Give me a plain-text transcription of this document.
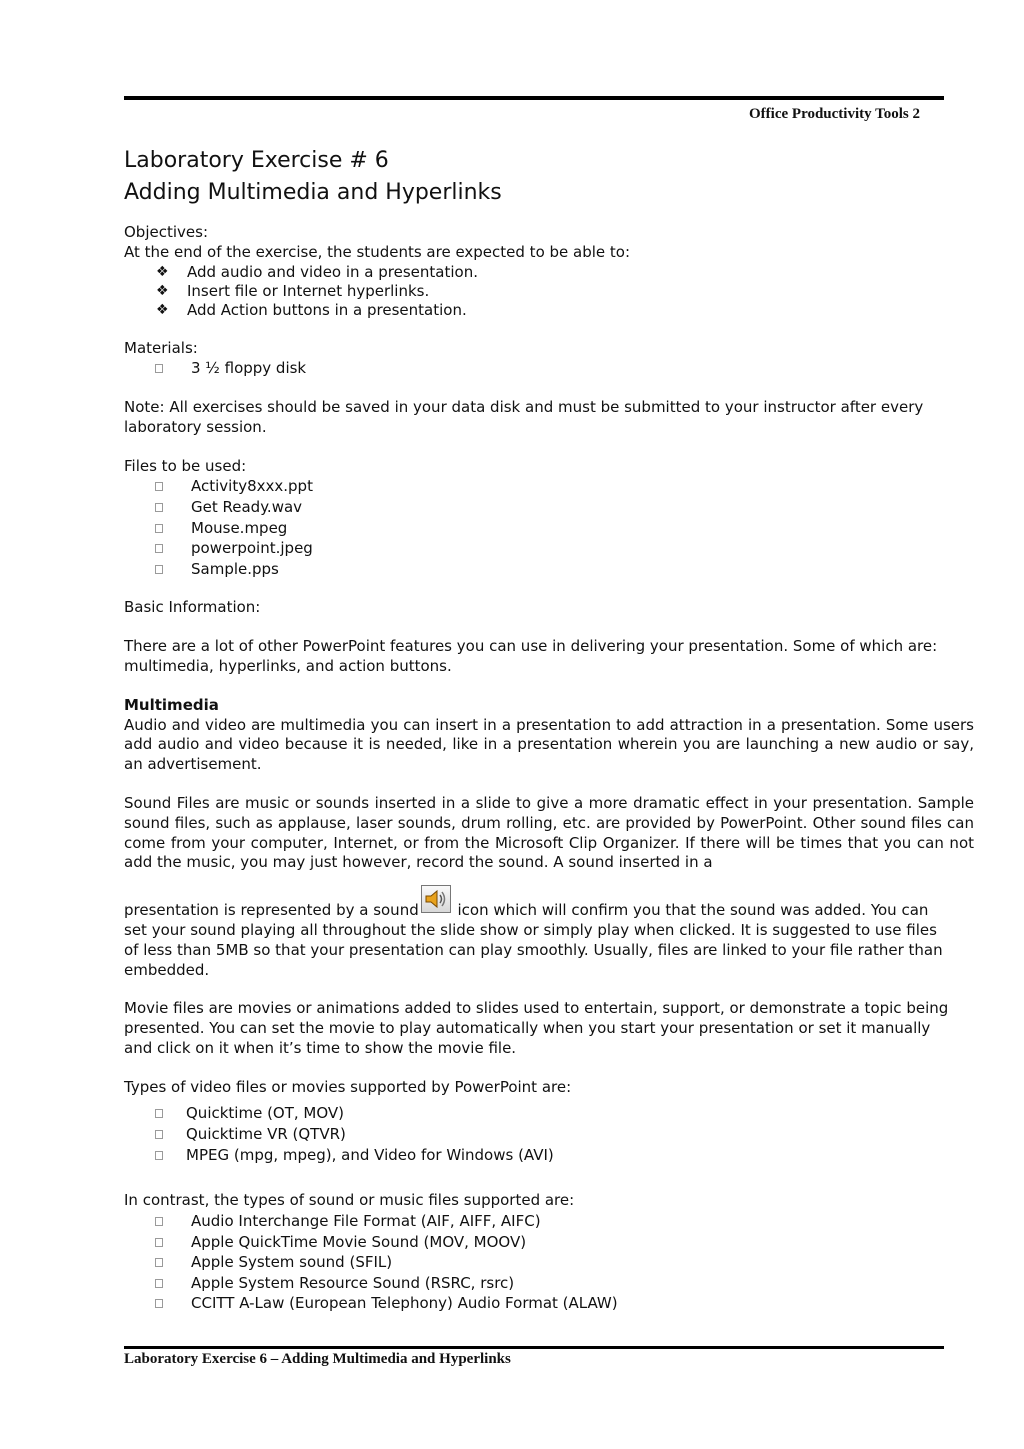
Office Productivity Tools 2
Laboratory Exercise # 6
Adding Multimedia and Hyperlinks

Objectives:

At the end of the exercise, the students are expected to be able to:

❖ Add audio and video in a presentation.
❖ Insert file or Internet hyperlinks.
❖ Add Action buttons in a presentation.

Materials:

3 ½ floppy disk

Note: All exercises should be saved in your data disk and must be submitted to your instructor after every laboratory session.

Files to be used:

Activity8xxx.ppt
Get Ready.wav
Mouse.mpeg
powerpoint.jpeg
Sample.pps

Basic Information:

There are a lot of other PowerPoint features you can use in delivering your presentation. Some of which are: multimedia, hyperlinks, and action buttons.

Multimedia

Audio and video are multimedia you can insert in a presentation to add attraction in a presentation. Some users add audio and video because it is needed, like in a presentation wherein you are launching a new audio or say, an advertisement.

Sound Files are music or sounds inserted in a slide to give a more dramatic effect in your presentation. Sample sound files, such as applause, laser sounds, drum rolling, etc. are provided by PowerPoint. Other sound files can come from your computer, Internet, or from the Microsoft Clip Organizer. If there will be times that you can not add the music, you may just however, record the sound. A sound inserted in a

presentation is represented by a sound
icon which will confirm you that the sound was added. You can

set your sound playing all throughout the slide show or simply play when clicked. It is suggested to use files of less than 5MB so that your presentation can play smoothly. Usually, files are linked to your file rather than embedded.

Movie files are movies or animations added to slides used to entertain, support, or demonstrate a topic being presented. You can set the movie to play automatically when you start your presentation or set it manually and click on it when it’s time to show the movie file.

Types of video files or movies supported by PowerPoint are:

Quicktime (OT, MOV)
Quicktime VR (QTVR)
MPEG (mpg, mpeg), and Video for Windows (AVI)

In contrast, the types of sound or music files supported are:

Audio Interchange File Format (AIF, AIFF, AIFC)
Apple QuickTime Movie Sound (MOV, MOOV)
Apple System sound (SFIL)
Apple System Resource Sound (RSRC, rsrc)
CCITT A-Law (European Telephony) Audio Format (ALAW)
Laboratory Exercise 6 – Adding Multimedia and Hyperlinks
